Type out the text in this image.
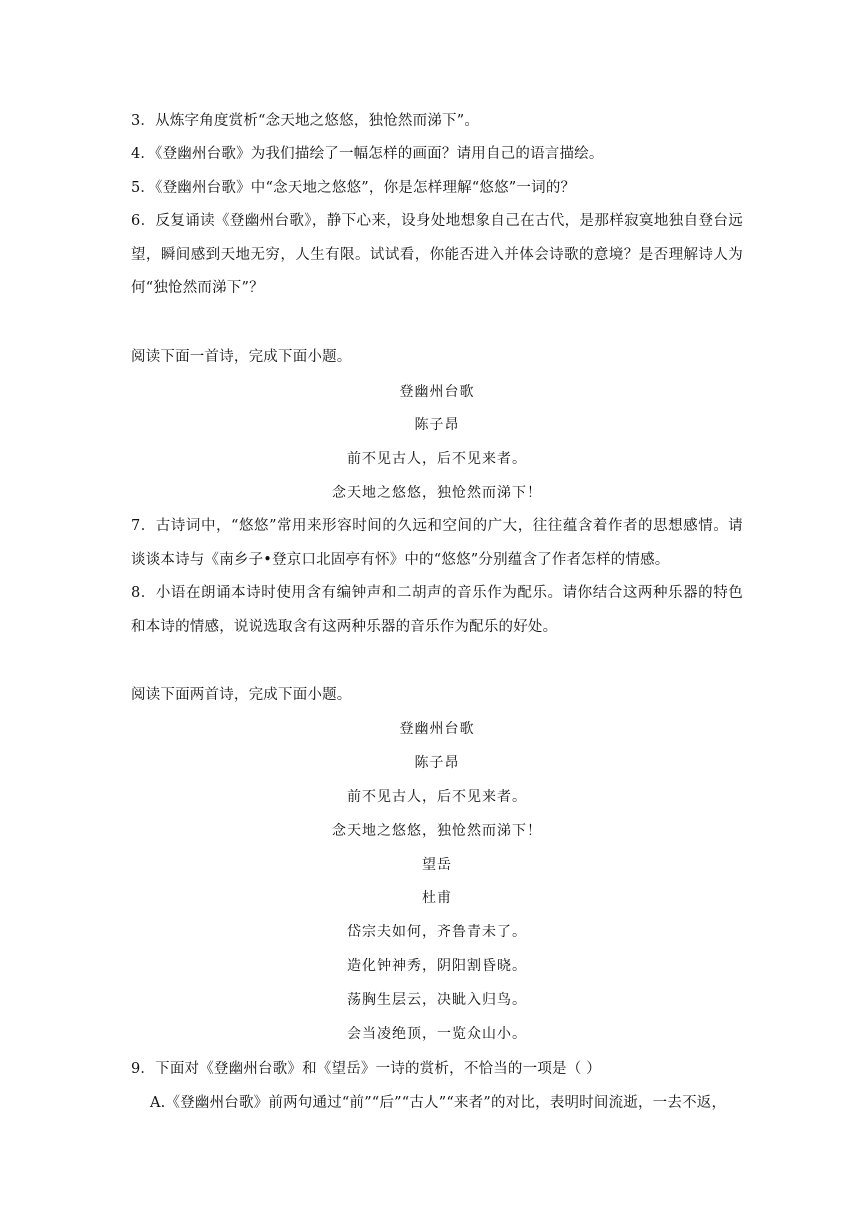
3．从炼字角度赏析“念天地之悠悠，独怆然而涕下”。
4．《登幽州台歌》为我们描绘了一幅怎样的画面？请用自己的语言描绘。
5．《登幽州台歌》中“念天地之悠悠”，你是怎样理解“悠悠”一词的？
6．反复诵读《登幽州台歌》，静下心来，设身处地想象自己在古代，是那样寂寞地独自登台远望，瞬间感到天地无穷，人生有限。试试看，你能否进入并体会诗歌的意境？是否理解诗人为何“独怆然而涕下”？
阅读下面一首诗，完成下面小题。
登幽州台歌
陈子昂
前不见古人，后不见来者。
念天地之悠悠，独怆然而涕下！
7．古诗词中，“悠悠”常用来形容时间的久远和空间的广大，往往蕴含着作者的思想感情。请谈谈本诗与《南乡子•登京口北固亭有怀》中的“悠悠”分别蕴含了作者怎样的情感。
8．小语在朗诵本诗时使用含有编钟声和二胡声的音乐作为配乐。请你结合这两种乐器的特色和本诗的情感，说说选取含有这两种乐器的音乐作为配乐的好处。
阅读下面两首诗，完成下面小题。
登幽州台歌
陈子昂
前不见古人，后不见来者。
念天地之悠悠，独怆然而涕下！
望岳
杜甫
岱宗夫如何，齐鲁青未了。
造化钟神秀，阴阳割昏晓。
荡胸生层云，决眦入归鸟。
会当凌绝顶，一览众山小。
9．下面对《登幽州台歌》和《望岳》一诗的赏析，不恰当的一项是（ ）
A.《登幽州台歌》前两句通过“前”“后”“古人”“来者”的对比，表明时间流逝，一去不返，
